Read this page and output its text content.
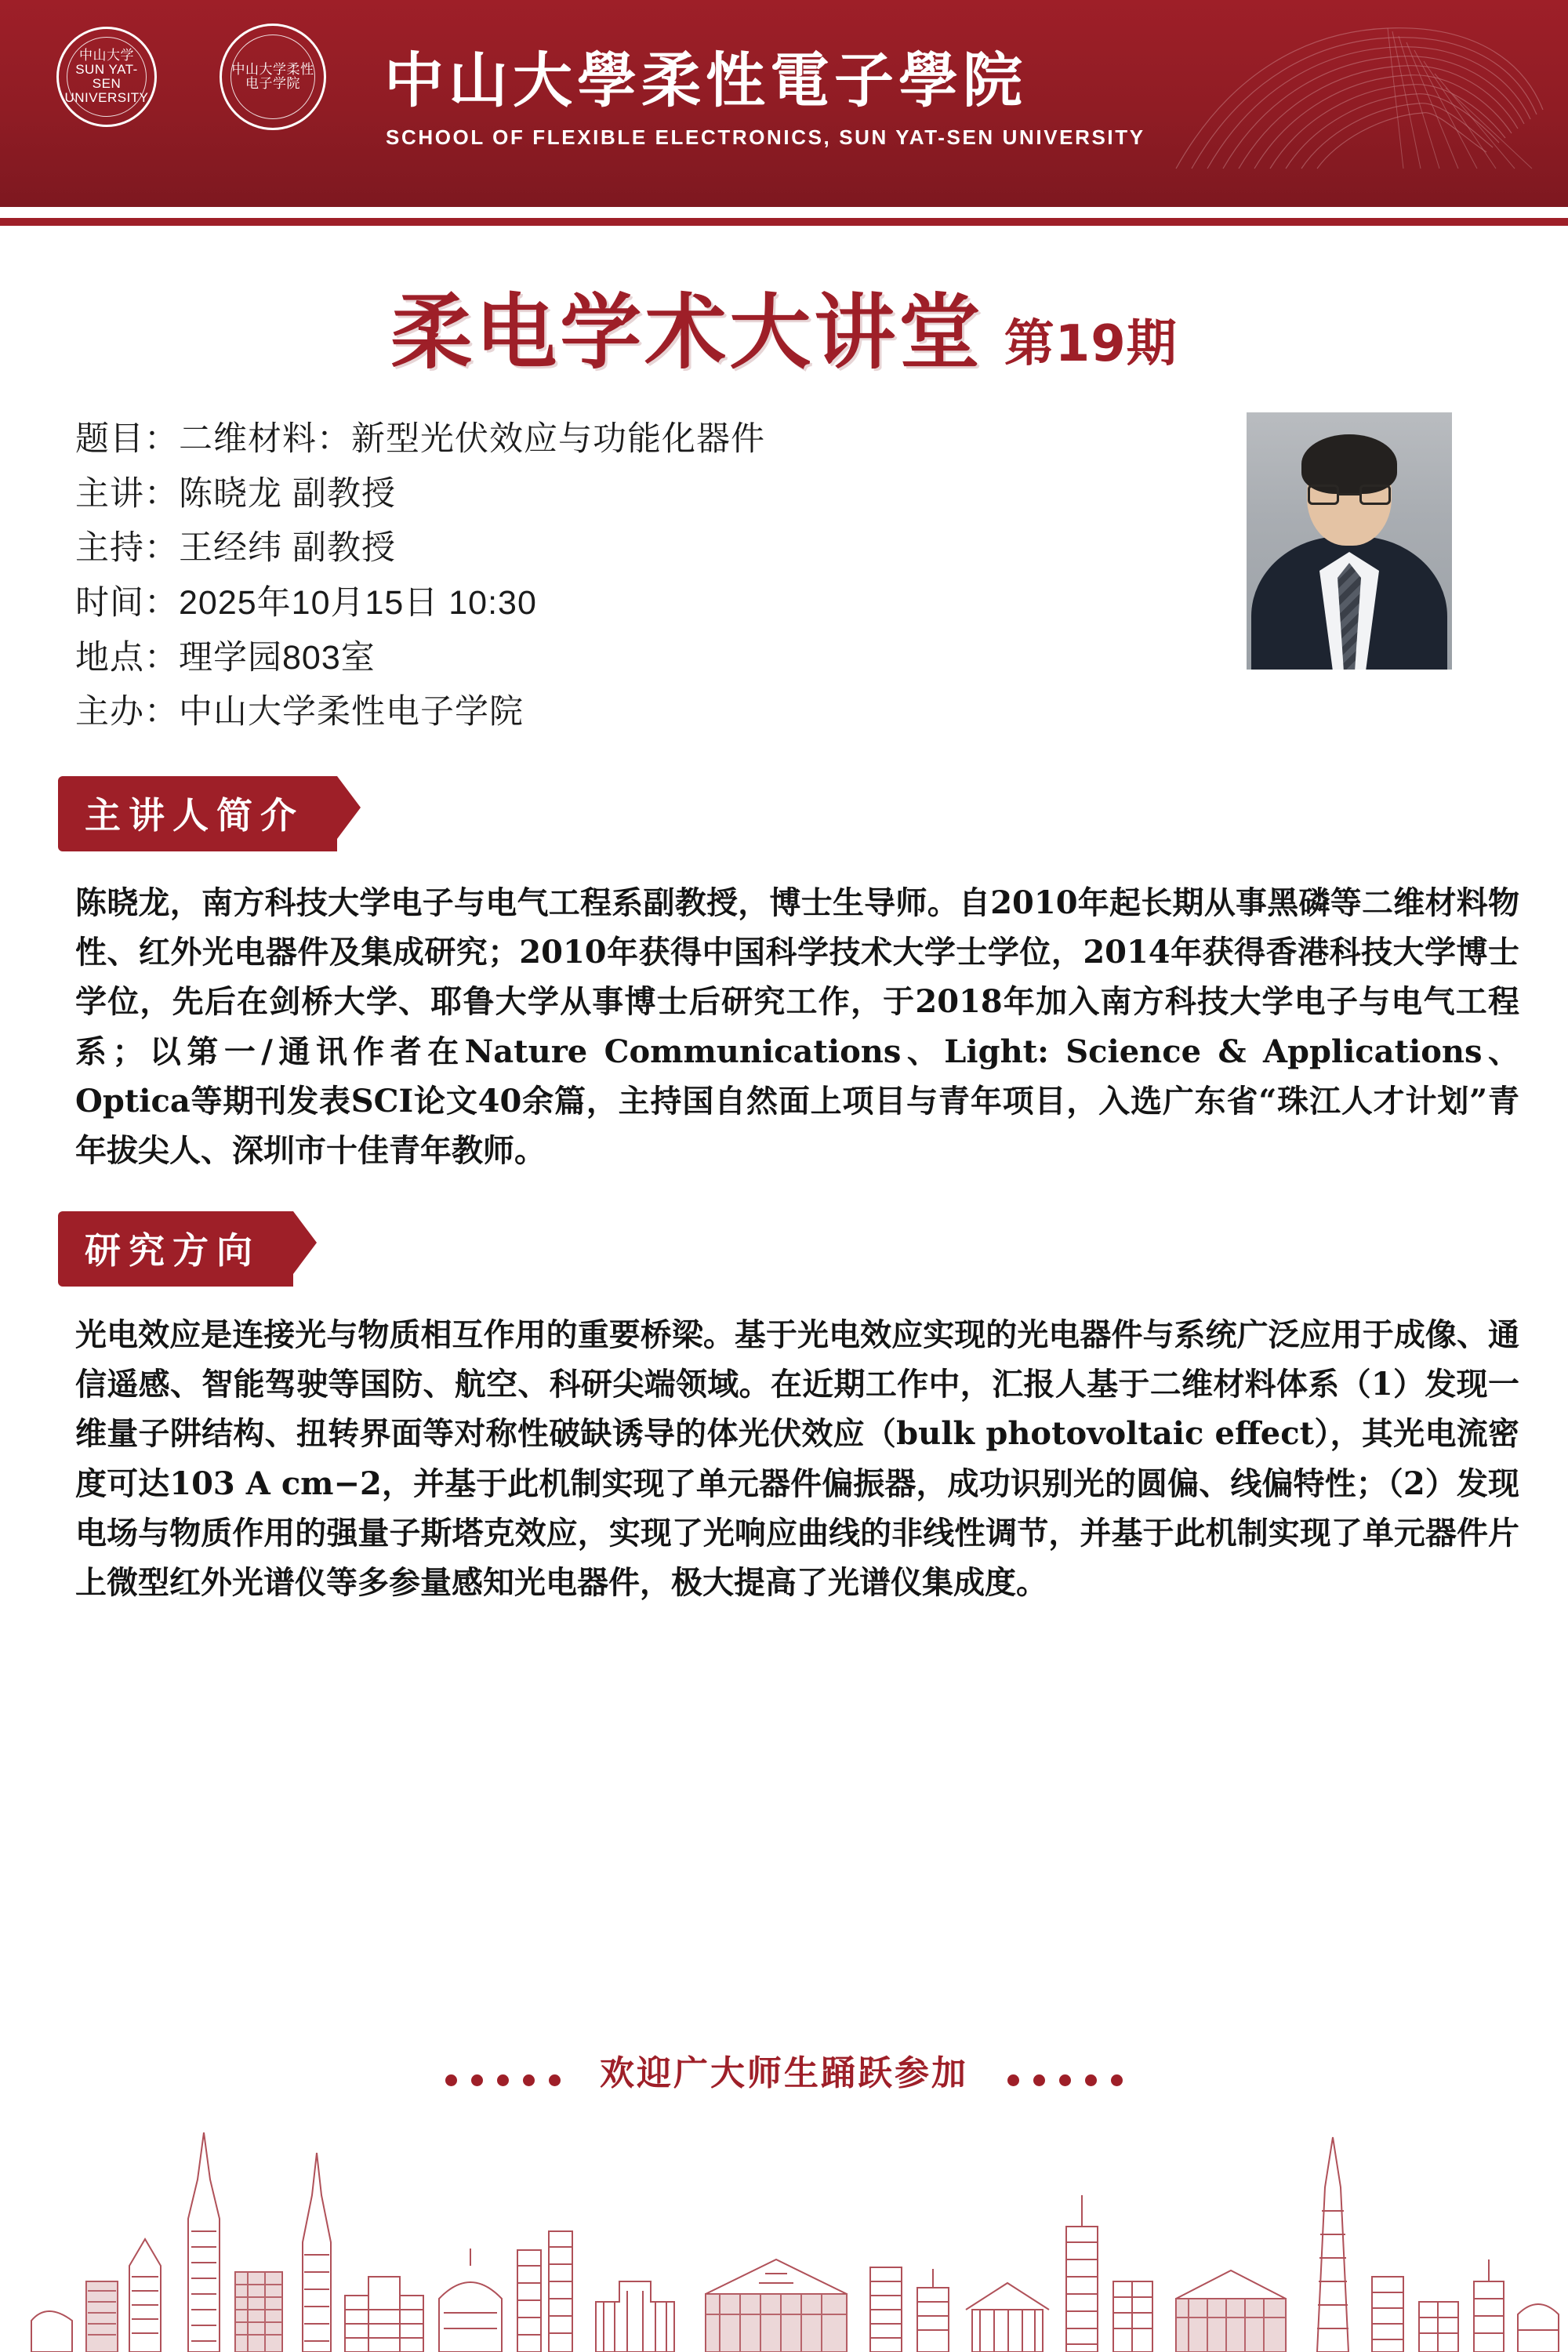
中山大学 SUN YAT-SEN UNIVERSITY
中山大学柔性电子学院 中山大學柔性電子學院
SCHOOL OF FLEXIBLE ELECTRONICS, SUN YAT-SEN UNIVERSITY
柔电学术大讲堂 第19期
题目：二维材料：新型光伏效应与功能化器件
主讲：陈晓龙 副教授
主持：王经纬 副教授
时间：2025年10月15日 10:30
地点：理学园803室
主办：中山大学柔性电子学院
主讲人简介
陈晓龙，南方科技大学电子与电气工程系副教授，博士生导师。自2010年起长期从事黑磷等二维材料物性、红外光电器件及集成研究；2010年获得中国科学技术大学士学位，2014年获得香港科技大学博士学位，先后在剑桥大学、耶鲁大学从事博士后研究工作，于2018年加入南方科技大学电子与电气工程系；以第一/通讯作者在Nature Communications、Light: Science & Applications、Optica等期刊发表SCI论文40余篇，主持国自然面上项目与青年项目，入选广东省“珠江人才计划”青年拔尖人、深圳市十佳青年教师。
研究方向
光电效应是连接光与物质相互作用的重要桥梁。基于光电效应实现的光电器件与系统广泛应用于成像、通信遥感、智能驾驶等国防、航空、科研尖端领域。在近期工作中，汇报人基于二维材料体系（1）发现一维量子阱结构、扭转界面等对称性破缺诱导的体光伏效应（bulk photovoltaic effect），其光电流密度可达103 A cm−2，并基于此机制实现了单元器件偏振器，成功识别光的圆偏、线偏特性；（2）发现电场与物质作用的强量子斯塔克效应，实现了光响应曲线的非线性调节，并基于此机制实现了单元器件片上微型红外光谱仪等多参量感知光电器件，极大提高了光谱仪集成度。
欢迎广大师生踊跃参加
